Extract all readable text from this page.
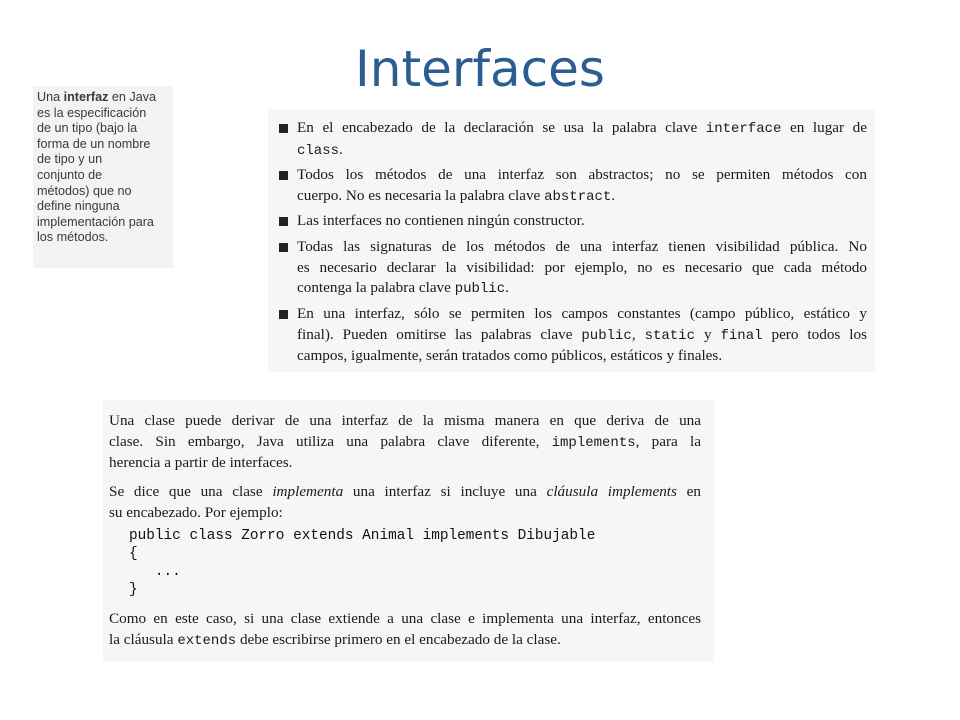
Interfaces
Una interfaz en Java
es la especificación
de un tipo (bajo la
forma de un nombre
de tipo y un
conjunto de
métodos) que no
define ninguna
implementación para
los métodos.
En el encabezado de la declaración se usa la palabra clave interface en lugar de
class.
Todos los métodos de una interfaz son abstractos; no se permiten métodos con
cuerpo. No es necesaria la palabra clave abstract.
Las interfaces no contienen ningún constructor.
Todas las signaturas de los métodos de una interfaz tienen visibilidad pública. No
es necesario declarar la visibilidad: por ejemplo, no es necesario que cada método
contenga la palabra clave public.
En una interfaz, sólo se permiten los campos constantes (campo público, estático y
final). Pueden omitirse las palabras clave public, static y final pero todos los
campos, igualmente, serán tratados como públicos, estáticos y finales.
Una clase puede derivar de una interfaz de la misma manera en que deriva de una
clase. Sin embargo, Java utiliza una palabra clave diferente, implements, para la
herencia a partir de interfaces.
Se dice que una clase implementa una interfaz si incluye una cláusula implements en
su encabezado. Por ejemplo:
public class Zorro extends Animal implements Dibujable
{
...
}
Como en este caso, si una clase extiende a una clase e implementa una interfaz, entonces
la cláusula extends debe escribirse primero en el encabezado de la clase.
